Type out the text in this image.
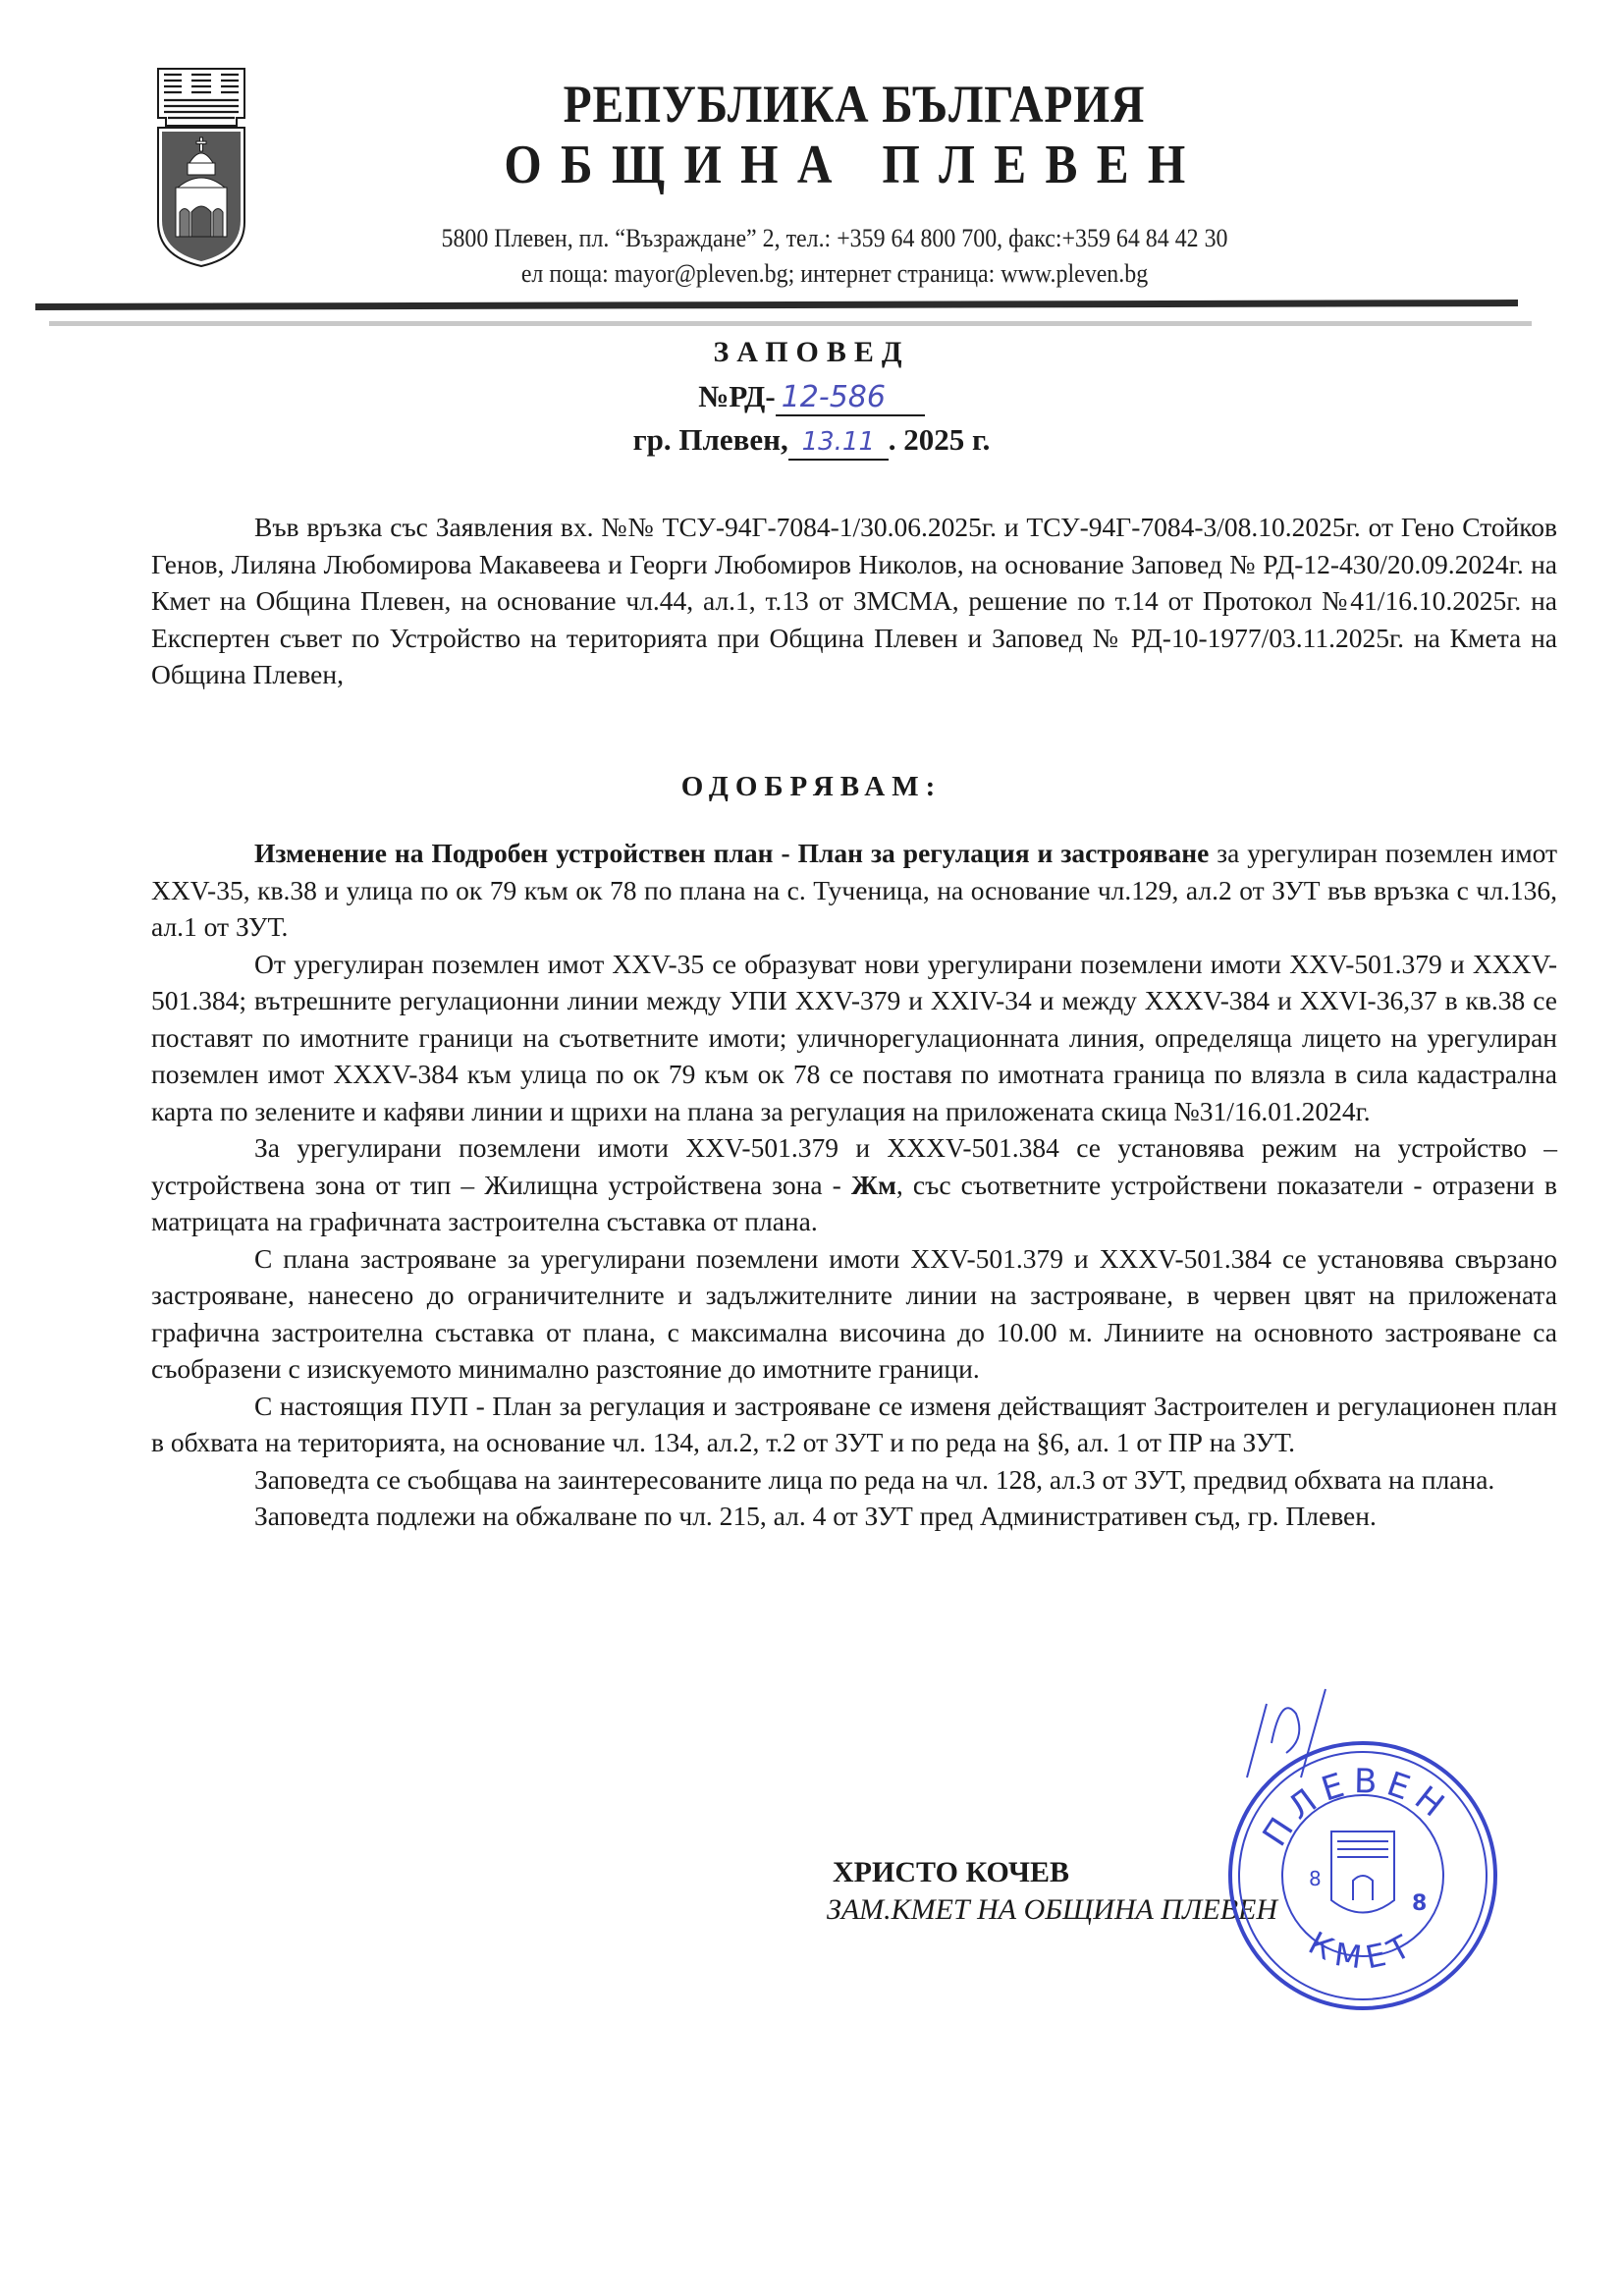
РЕПУБЛИКА БЪЛГАРИЯ
ОБЩИНА ПЛЕВЕН
5800 Плевен, пл. “Възраждане” 2, тел.: +359 64 800 700, факс:+359 64 84 42 30
ел поща: mayor@pleven.bg; интернет страница: www.pleven.bg
ЗАПОВЕД
№РД- 12-586
гр. Плевен, 13.11 . 2025 г.

Във връзка със Заявления вх. №№ ТСУ-94Г-7084-1/30.06.2025г. и ТСУ-94Г-7084-3/08.10.2025г. от Гено Стойков Генов, Лиляна Любомирова Макавеева и Георги Любомиров Николов, на основание Заповед № РД-12-430/20.09.2024г. на Кмет на Община Плевен, на основание чл.44, ал.1, т.13 от ЗМСМА, решение по т.14 от Протокол №41/16.10.2025г. на Експертен съвет по Устройство на територията при Община Плевен и Заповед № РД-10-1977/03.11.2025г. на Кмета на Община Плевен,

ОДОБРЯВАМ:

Изменение на Подробен устройствен план - План за регулация и застрояване за урегулиран поземлен имот XXV-35, кв.38 и улица по ок 79 към ок 78 по плана на с. Тученица, на основание чл.129, ал.2 от ЗУТ във връзка с чл.136, ал.1 от ЗУТ.

От урегулиран поземлен имот XXV-35 се образуват нови урегулирани поземлени имоти XXV-501.379 и XXXV-501.384; вътрешните регулационни линии между УПИ XXV-379 и XXIV-34 и между XXXV-384 и XXVI-36,37 в кв.38 се поставят по имотните граници на съответните имоти; уличнорегулационната линия, определяща лицето на урегулиран поземлен имот XXXV-384 към улица по ок 79 към ок 78 се поставя по имотната граница по влязла в сила кадастрална карта по зелените и кафяви линии и щрихи на плана за регулация на приложената скица №31/16.01.2024г.

За урегулирани поземлени имоти XXV-501.379 и XXXV-501.384 се установява режим на устройство – устройствена зона от тип – Жилищна устройствена зона - Жм, със съответните устройствени показатели - отразени в матрицата на графичната застроителна съставка от плана.

С плана застрояване за урегулирани поземлени имоти XXV-501.379 и XXXV-501.384 се установява свързано застрояване, нанесено до ограничителните и задължителните линии на застрояване, в червен цвят на приложената графична застроителна съставка от плана, с максимална височина до 10.00 м. Линиите на основното застрояване са съобразени с изискуемото минимално разстояние до имотните граници.

С настоящия ПУП - План за регулация и застрояване се изменя действащият Застроителен и регулационен план в обхвата на територията, на основание чл. 134, ал.2, т.2 от ЗУТ и по реда на §6, ал. 1 от ПР на ЗУТ.

Заповедта се съобщава на заинтересованите лица по реда на чл. 128, ал.3 от ЗУТ, предвид обхвата на плана.

Заповедта подлежи на обжалване по чл. 215, ал. 4 от ЗУТ пред Административен съд, гр. Плевен.

ХРИСТО КОЧЕВ
ЗАМ.КМЕТ НА ОБЩИНА ПЛЕВЕН
ПЛЕВЕН
КМЕТ
8
8
